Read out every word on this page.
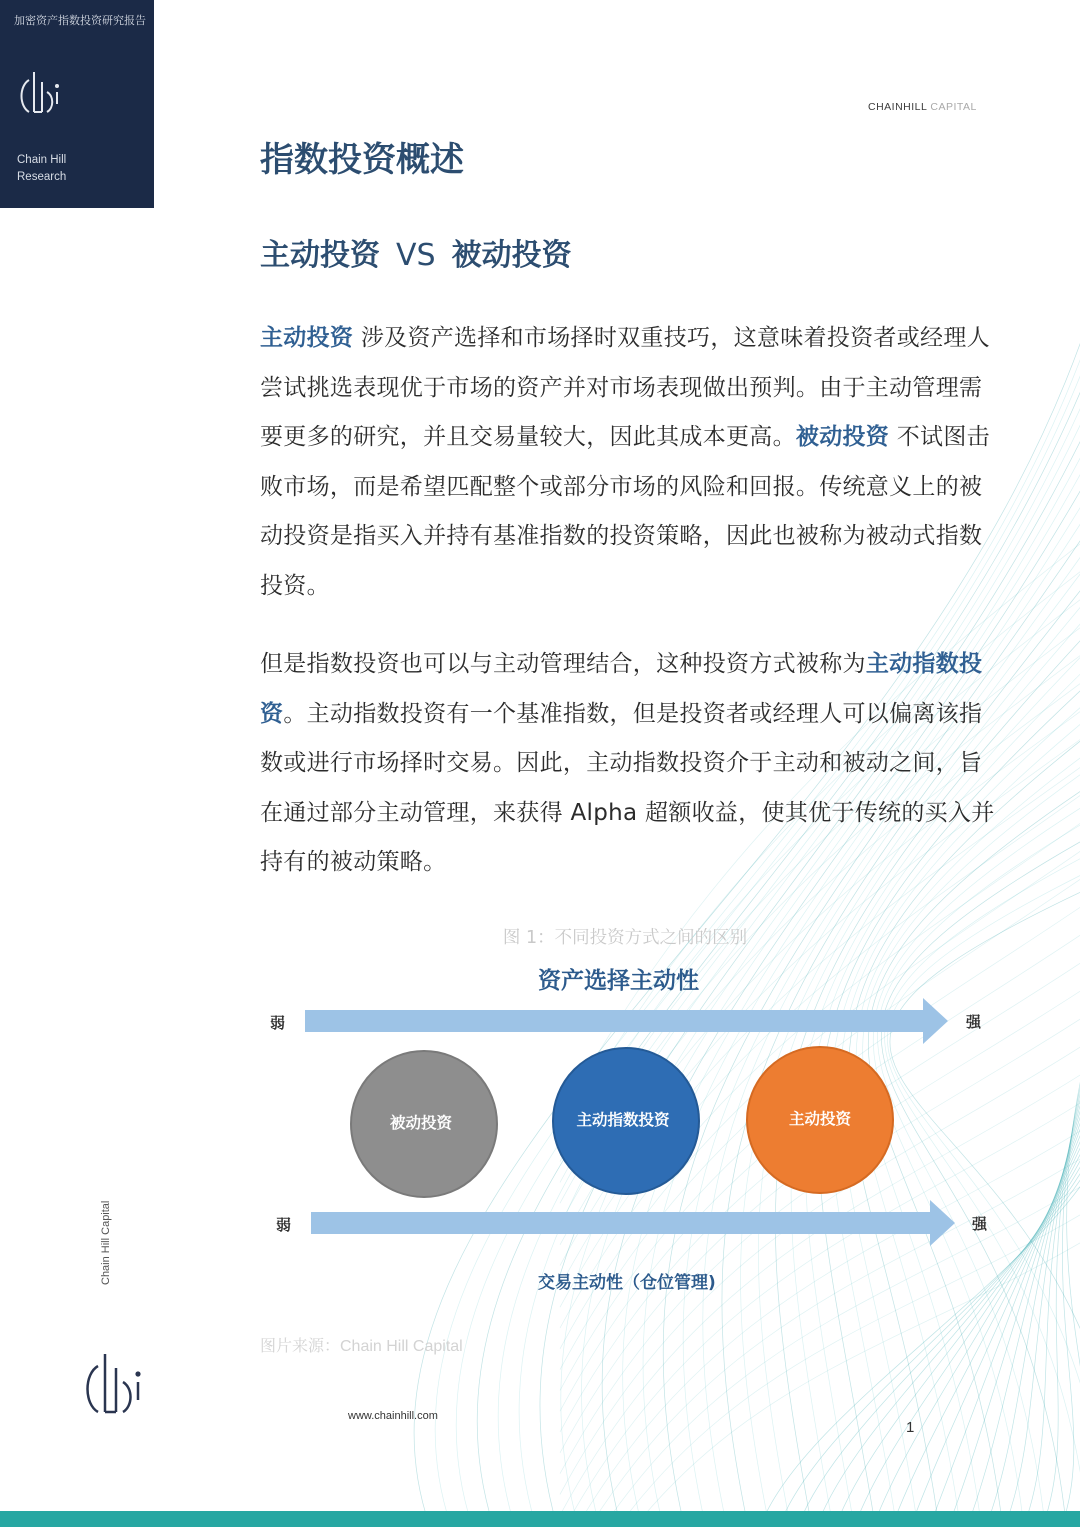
加密资产指数投资研究报告
Chain Hill
Research
CHAINHILL CAPITAL
指数投资概述
主动投资 VS 被动投资

主动投资 涉及资产选择和市场择时双重技巧，这意味着投资者或经理人尝试挑选表现优于市场的资产并对市场表现做出预判。由于主动管理需要更多的研究，并且交易量较大，因此其成本更高。被动投资 不试图击败市场，而是希望匹配整个或部分市场的风险和回报。传统意义上的被动投资是指买入并持有基准指数的投资策略，因此也被称为被动式指数投资。

但是指数投资也可以与主动管理结合，这种投资方式被称为主动指数投资。主动指数投资有一个基准指数，但是投资者或经理人可以偏离该指数或进行市场择时交易。因此，主动指数投资介于主动和被动之间，旨在通过部分主动管理，来获得 Alpha 超额收益，使其优于传统的买入并持有的被动策略。

图 1：不同投资方式之间的区别
资产选择主动性
弱	强
弱	强
被动投资	主动指数投资	主动投资
交易主动性（仓位管理)
图片来源：Chain Hill Capital
Chain Hill Capital
www.chainhill.com
1
